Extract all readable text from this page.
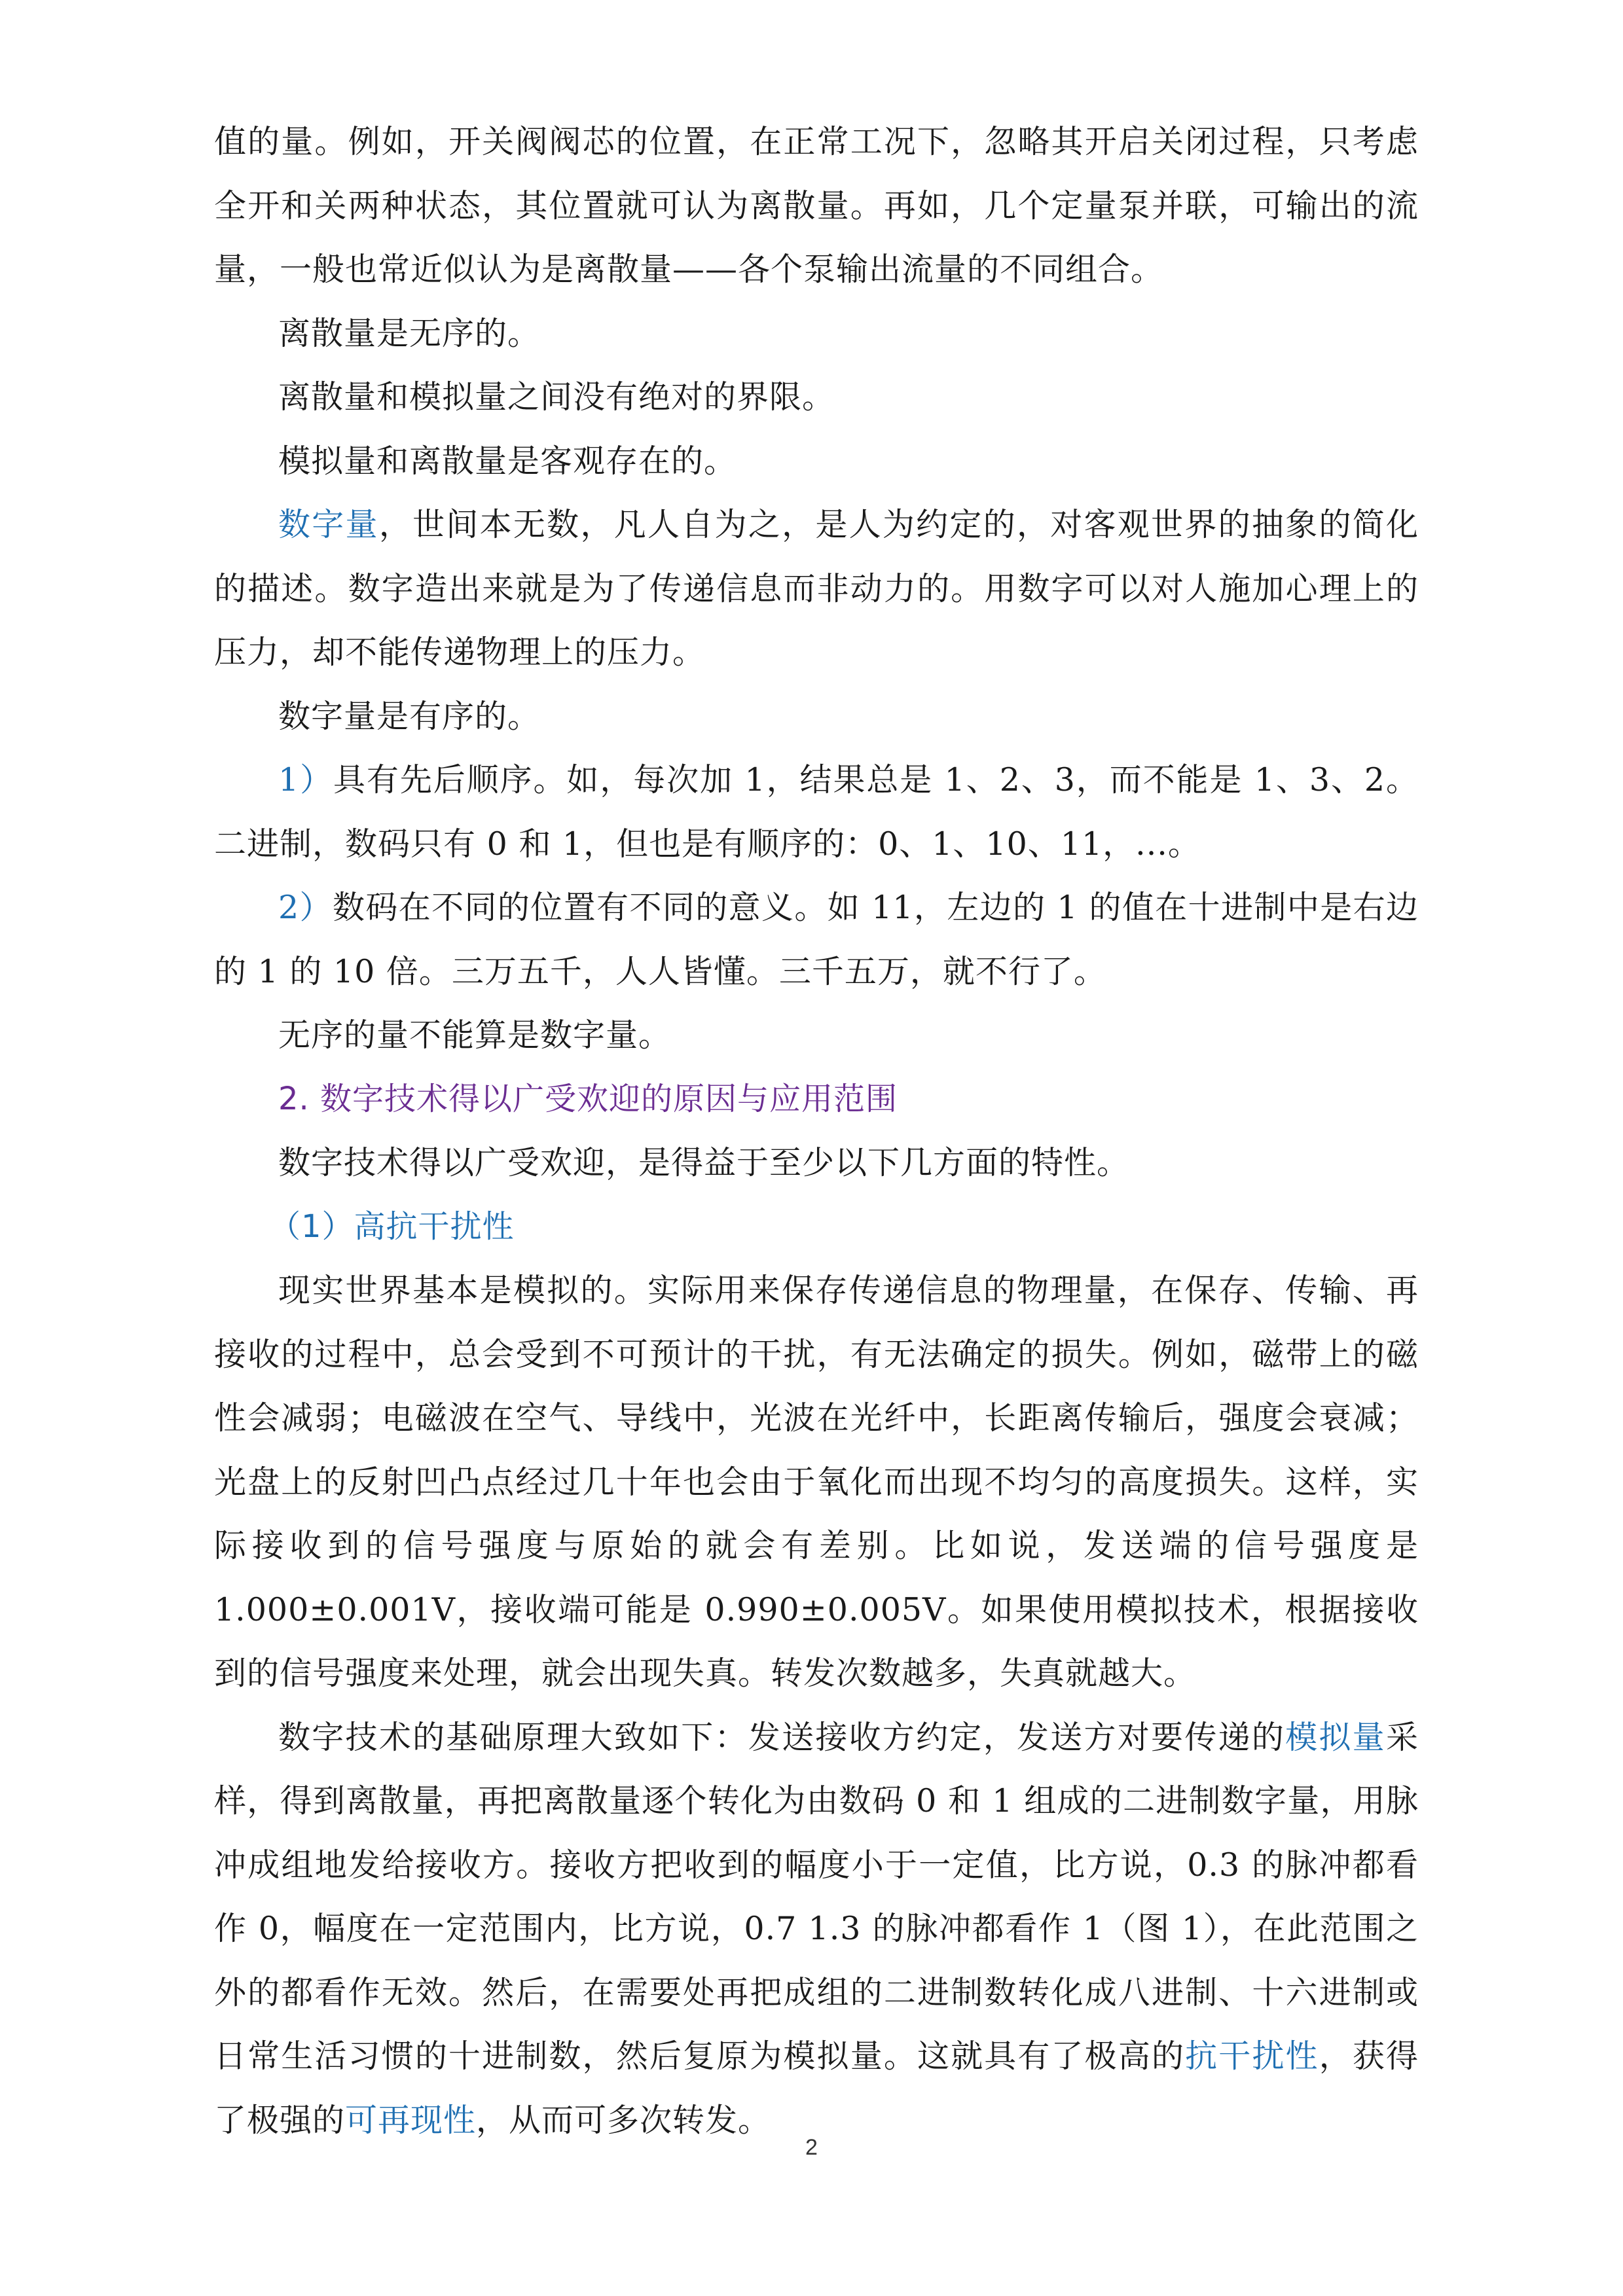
值的量。例如，开关阀阀芯的位置，在正常工况下，忽略其开启关闭过程，只考虑全开和关两种状态，其位置就可认为离散量。再如，几个定量泵并联，可输出的流量，一般也常近似认为是离散量——各个泵输出流量的不同组合。

离散量是无序的。

离散量和模拟量之间没有绝对的界限。

模拟量和离散量是客观存在的。

数字量，世间本无数，凡人自为之，是人为约定的，对客观世界的抽象的简化的描述。数字造出来就是为了传递信息而非动力的。用数字可以对人施加心理上的压力，却不能传递物理上的压力。

数字量是有序的。

1）具有先后顺序。如，每次加 1，结果总是 1、2、3，而不能是 1、3、2。二进制，数码只有 0 和 1，但也是有顺序的：0、1、10、11，...。

2）数码在不同的位置有不同的意义。如 11，左边的 1 的值在十进制中是右边的 1 的 10 倍。三万五千，人人皆懂。三千五万，就不行了。

无序的量不能算是数字量。

2. 数字技术得以广受欢迎的原因与应用范围

数字技术得以广受欢迎，是得益于至少以下几方面的特性。

（1）高抗干扰性

现实世界基本是模拟的。实际用来保存传递信息的物理量，在保存、传输、再接收的过程中，总会受到不可预计的干扰，有无法确定的损失。例如，磁带上的磁性会减弱；电磁波在空气、导线中，光波在光纤中，长距离传输后，强度会衰减；光盘上的反射凹凸点经过几十年也会由于氧化而出现不均匀的高度损失。这样，实际接收到的信号强度与原始的就会有差别。比如说，发送端的信号强度是 1.000±0.001V，接收端可能是 0.990±0.005V。如果使用模拟技术，根据接收到的信号强度来处理，就会出现失真。转发次数越多，失真就越大。

数字技术的基础原理大致如下：发送接收方约定，发送方对要传递的模拟量采样，得到离散量，再把离散量逐个转化为由数码 0 和 1 组成的二进制数字量，用脉冲成组地发给接收方。接收方把收到的幅度小于一定值，比方说，0.3 的脉冲都看作 0，幅度在一定范围内，比方说，0.7 1.3 的脉冲都看作 1（图 1），在此范围之外的都看作无效。然后，在需要处再把成组的二进制数转化成八进制、十六进制或日常生活习惯的十进制数，然后复原为模拟量。这就具有了极高的抗干扰性，获得了极强的可再现性，从而可多次转发。

2
